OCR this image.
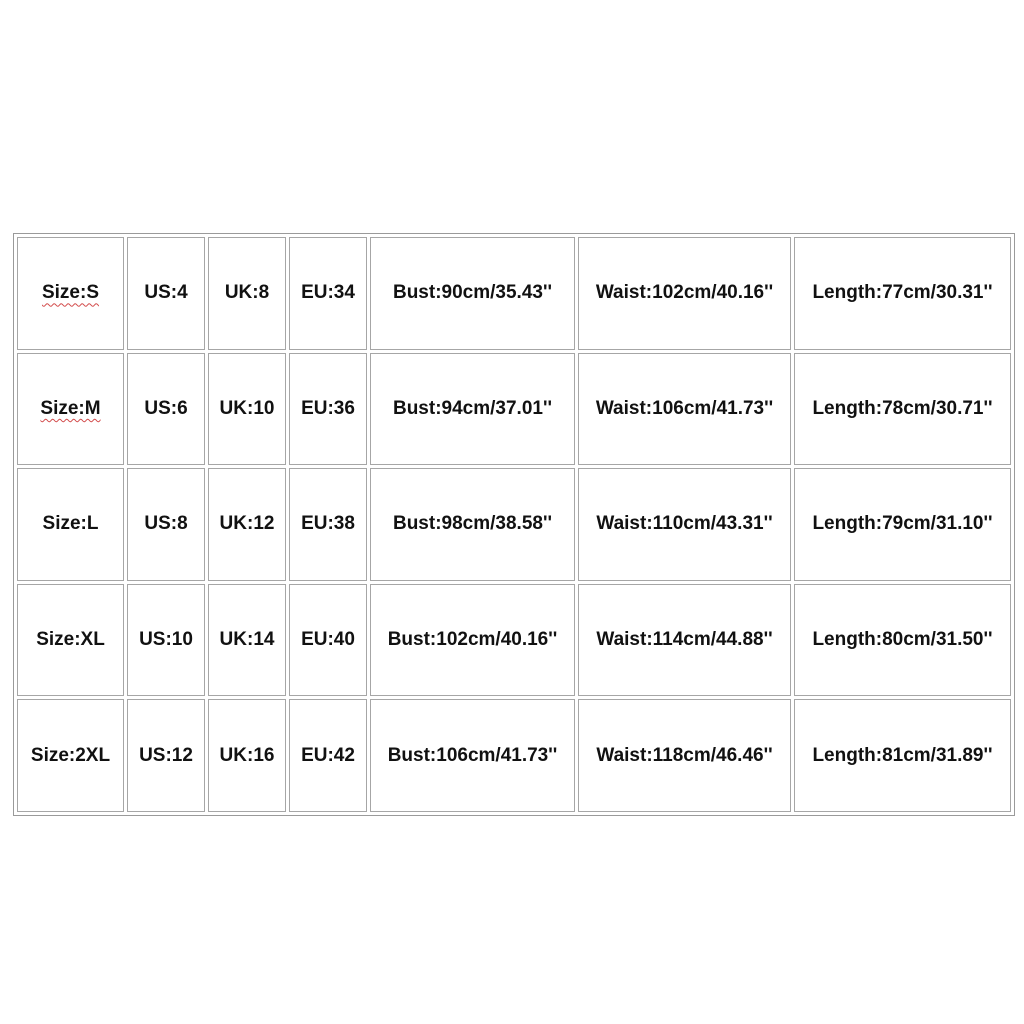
Size:S	US:4	UK:8	EU:34	Bust:90cm/35.43''	Waist:102cm/40.16''	Length:77cm/30.31''
Size:M	US:6	UK:10	EU:36	Bust:94cm/37.01''	Waist:106cm/41.73''	Length:78cm/30.71''
Size:L	US:8	UK:12	EU:38	Bust:98cm/38.58''	Waist:110cm/43.31''	Length:79cm/31.10''
Size:XL	US:10	UK:14	EU:40	Bust:102cm/40.16''	Waist:114cm/44.88''	Length:80cm/31.50''
Size:2XL	US:12	UK:16	EU:42	Bust:106cm/41.73''	Waist:118cm/46.46''	Length:81cm/31.89''
